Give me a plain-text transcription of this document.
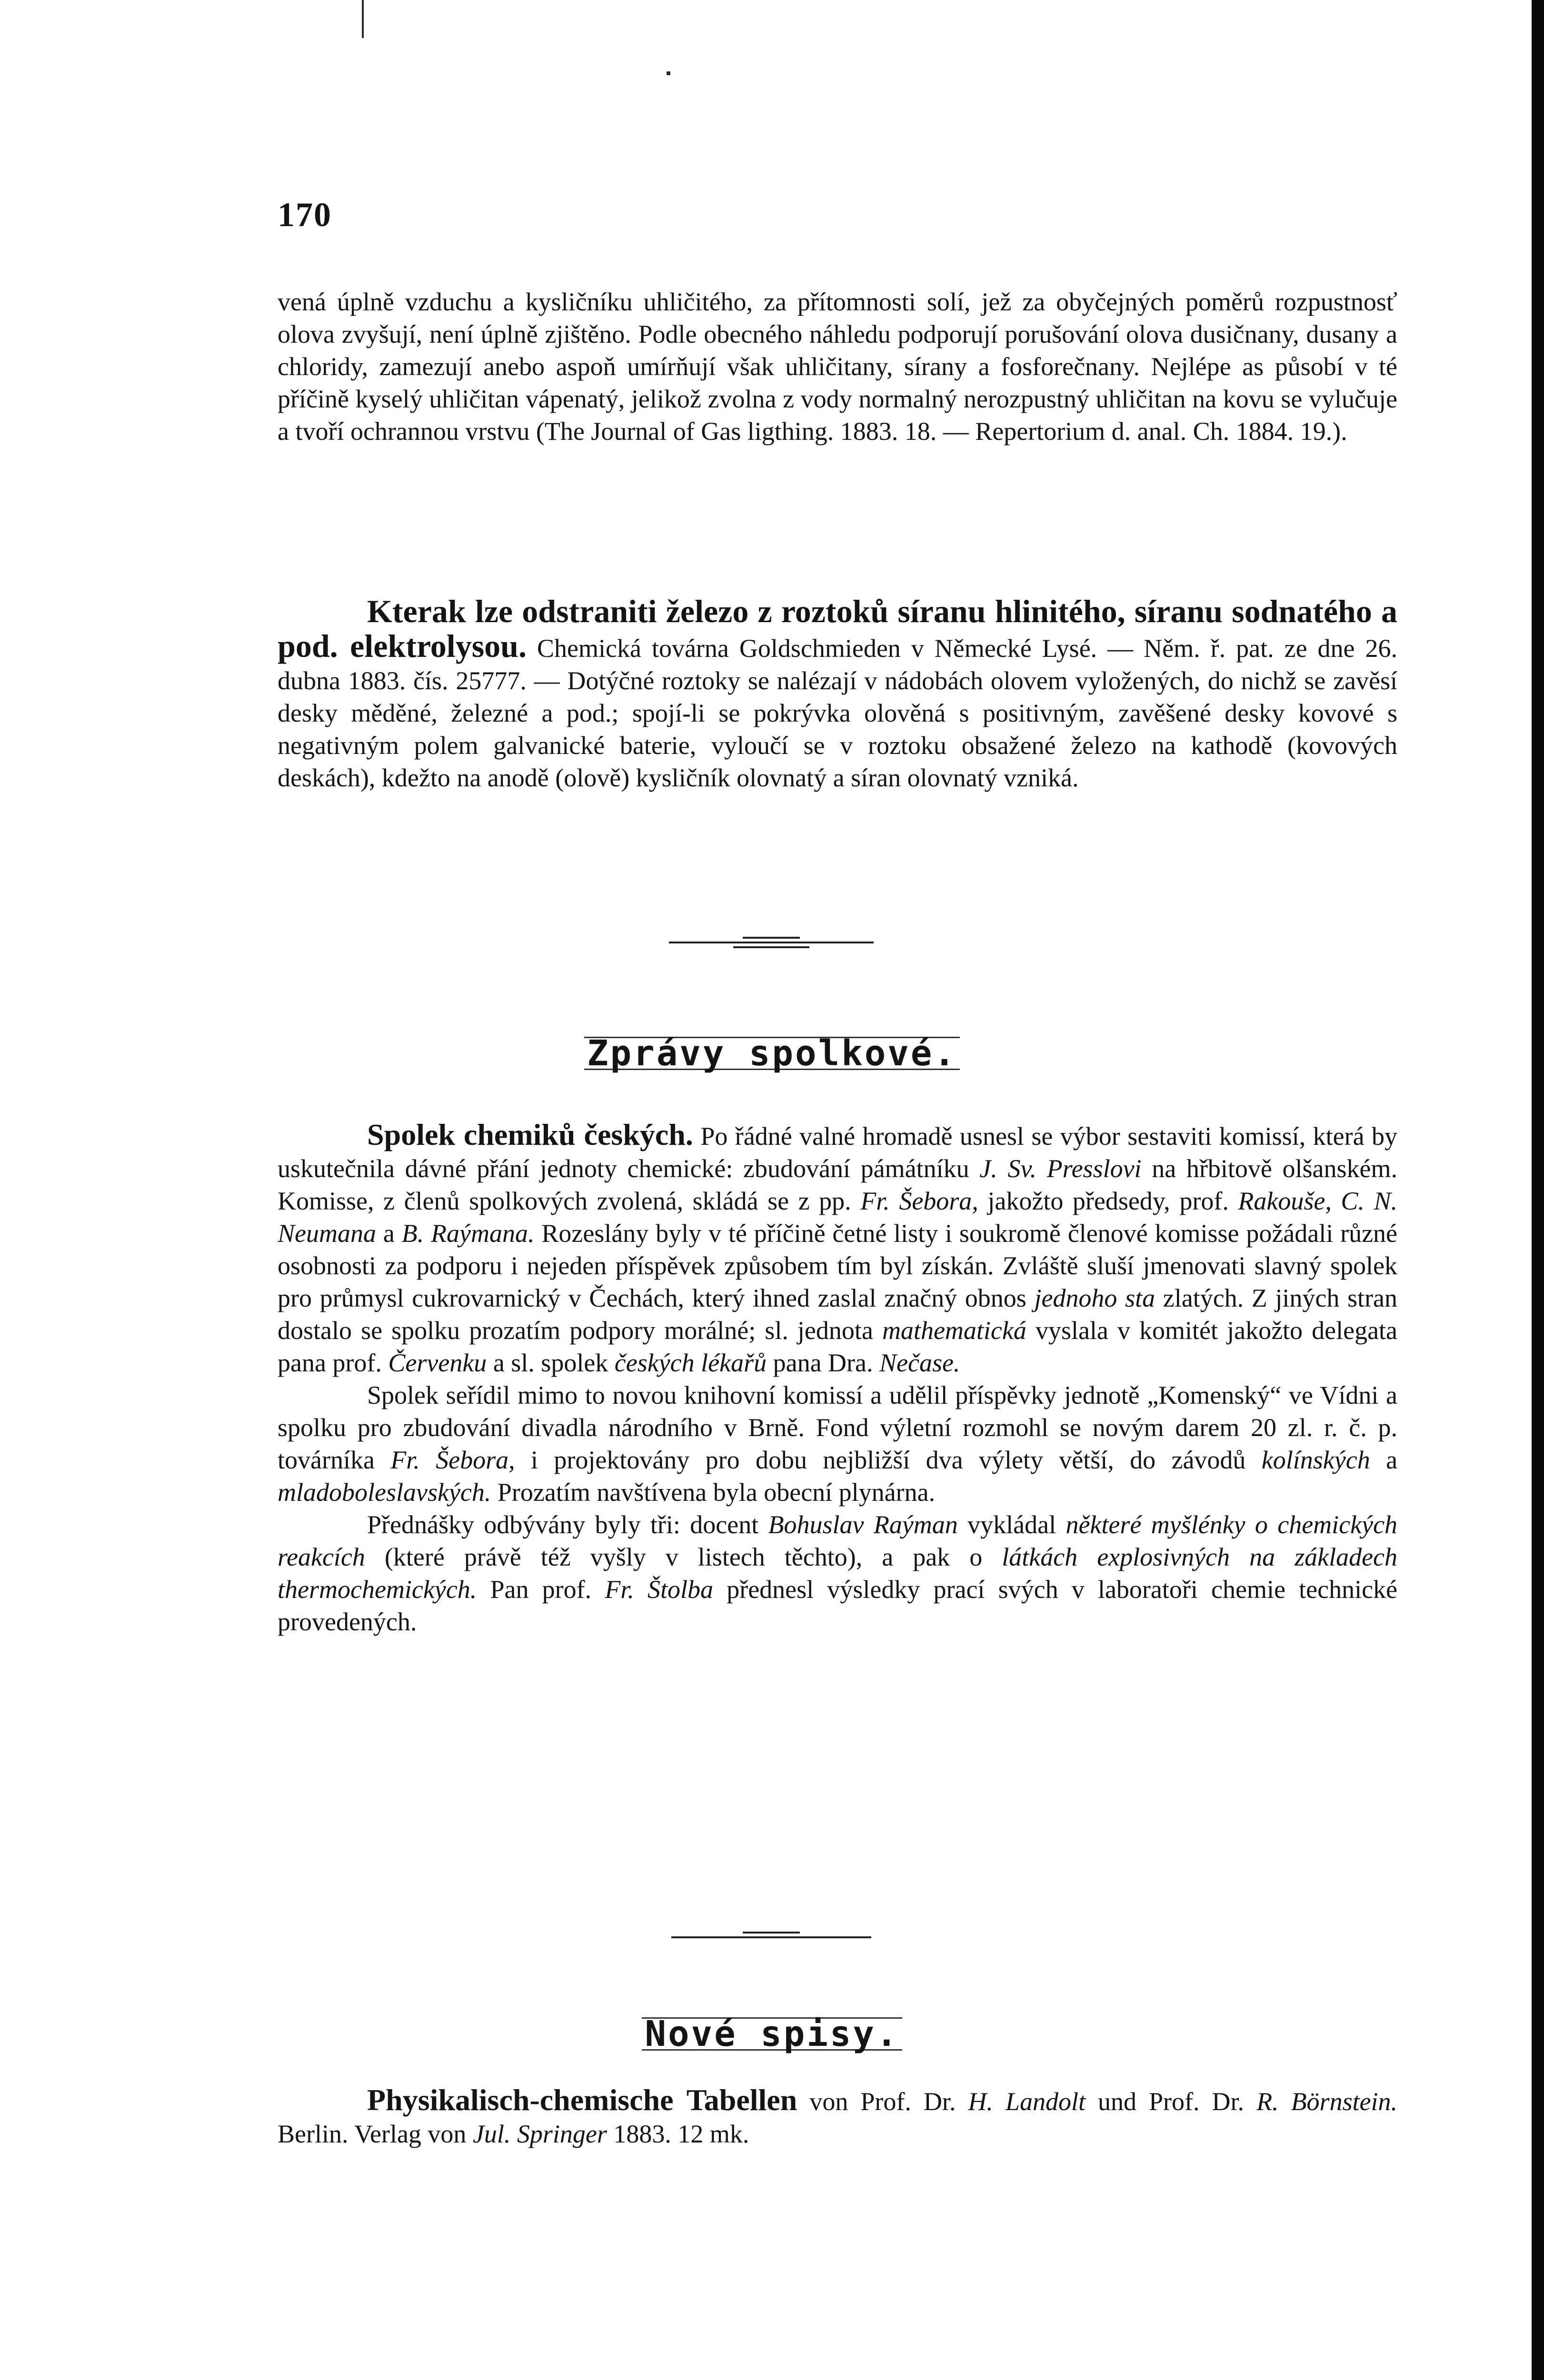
170

vená úplně vzduchu a kysličníku uhličitého, za přítomnosti solí, jež za obyčejných poměrů rozpustnosť olova zvyšují, není úplně zjištěno. Podle obecného náhledu podporují porušování olova dusičnany, dusany a chloridy, zamezují anebo aspoň umírňují však uhličitany, sírany a fosforečnany. Nejlépe as působí v té příčině kyselý uhličitan vápenatý, jelikož zvolna z vody normalný nerozpustný uhličitan na kovu se vylučuje a tvoří ochrannou vrstvu (The Journal of Gas ligthing. 1883. 18. — Repertorium d. anal. Ch. 1884. 19.).

Kterak lze odstraniti železo z roztoků síranu hlinitého, síranu sodnatého a pod. elektrolysou. Chemická továrna Goldschmieden v Německé Lysé. — Něm. ř. pat. ze dne 26. dubna 1883. čís. 25777. — Dotýčné roztoky se nalézají v nádobách olovem vyložených, do nichž se zavěsí desky měděné, železné a pod.; spojí-li se pokrývka olověná s positivným, zavěšené desky kovové s negativným polem galvanické baterie, vyloučí se v roztoku obsažené železo na kathodě (kovových deskách), kdežto na anodě (olově) kysličník olovnatý a síran olovnatý vzniká.

Zprávy spolkové.

Spolek chemiků českých. Po řádné valné hromadě usnesl se výbor sestaviti komissí, která by uskutečnila dávné přání jednoty chemické: zbudování pámátníku J. Sv. Presslovi na hřbitově olšanském. Komisse, z členů spolkových zvolená, skládá se z pp. Fr. Šebora, jakožto předsedy, prof. Rakouše, C. N. Neumana a B. Raýmana. Rozeslány byly v té příčině četné listy i soukromě členové komisse požádali různé osobnosti za podporu i nejeden příspěvek způsobem tím byl získán. Zvláště sluší jmenovati slavný spolek pro průmysl cukrovarnický v Čechách, který ihned zaslal značný obnos jednoho sta zlatých. Z jiných stran dostalo se spolku prozatím podpory morálné; sl. jednota mathematická vyslala v komitét jakožto delegata pana prof. Červenku a sl. spolek českých lékařů pana Dra. Nečase.

Spolek seřídil mimo to novou knihovní komissí a udělil příspěvky jednotě „Komenský“ ve Vídni a spolku pro zbudování divadla národního v Brně. Fond výletní rozmohl se novým darem 20 zl. r. č. p. továrníka Fr. Šebora, i projektovány pro dobu nejbližší dva výlety větší, do závodů kolínských a mladoboleslavských. Prozatím navštívena byla obecní plynárna.

Přednášky odbývány byly tři: docent Bohuslav Raýman vykládal některé myšlénky o chemických reakcích (které právě též vyšly v listech těchto), a pak o látkách explosivných na základech thermochemických. Pan prof. Fr. Štolba přednesl výsledky prací svých v laboratoři chemie technické provedených.

Nové spisy.

Physikalisch-chemische Tabellen von Prof. Dr. H. Landolt und Prof. Dr. R. Börnstein. Berlin. Verlag von Jul. Springer 1883. 12 mk.
